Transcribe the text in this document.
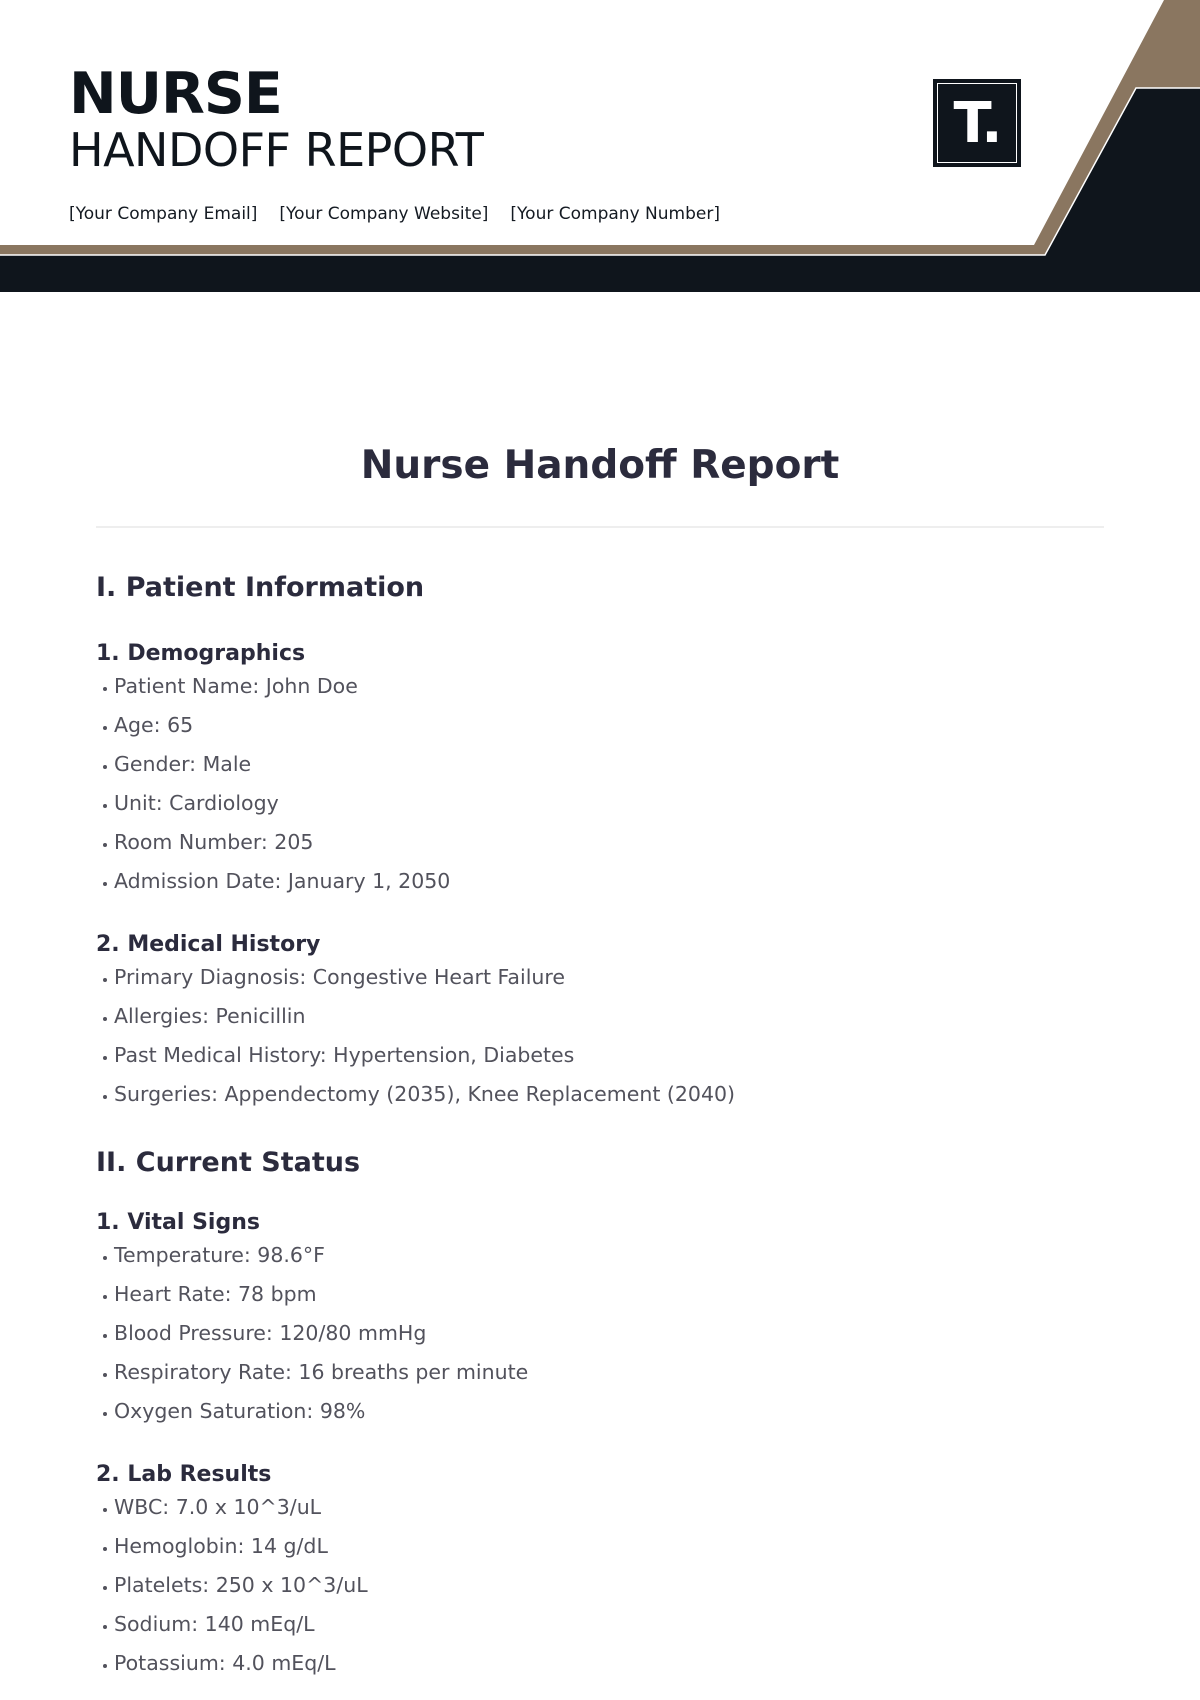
NURSE
HANDOFF REPORT
[Your Company Email] [Your Company Website] [Your Company Number]
T.
Nurse Handoff Report
I. Patient Information
1. Demographics
Patient Name: John Doe
Age: 65
Gender: Male
Unit: Cardiology
Room Number: 205
Admission Date: January 1, 2050
2. Medical History
Primary Diagnosis: Congestive Heart Failure
Allergies: Penicillin
Past Medical History: Hypertension, Diabetes
Surgeries: Appendectomy (2035), Knee Replacement (2040)
II. Current Status
1. Vital Signs
Temperature: 98.6°F
Heart Rate: 78 bpm
Blood Pressure: 120/80 mmHg
Respiratory Rate: 16 breaths per minute
Oxygen Saturation: 98%
2. Lab Results
WBC: 7.0 x 10^3/uL
Hemoglobin: 14 g/dL
Platelets: 250 x 10^3/uL
Sodium: 140 mEq/L
Potassium: 4.0 mEq/L
